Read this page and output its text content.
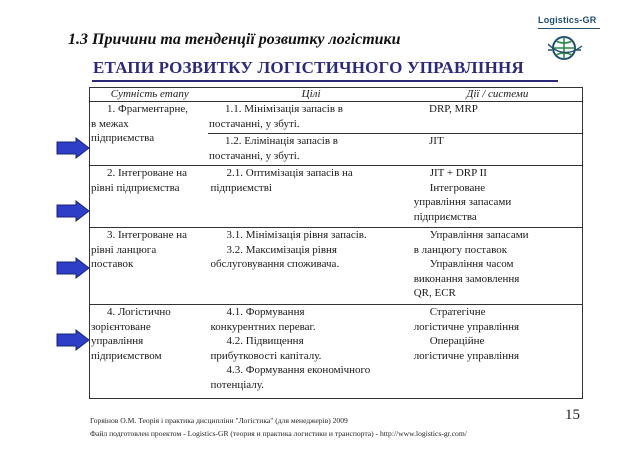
Logistics-GR
1.3 Причини та тенденції розвитку логістики
ЕТАПИ РОЗВИТКУ ЛОГІСТИЧНОГО УПРАВЛІННЯ
Сутність етапу	Цілі	Дії / системи
1. Фрагментарне,
в межах
підприємства
1.1. Мінімізація запасів в
постачанні, у збуті.
DRP, MRP
1.2. Елімінація запасів в
постачанні, у збуті.
JIT
2. Інтегроване на
рівні підприємства
2.1. Оптимізація запасів на
підприємстві
JIT + DRP II
Інтегроване
управління запасами
підприємства
3. Інтегроване на
рівні ланцюга
поставок
3.1. Мінімізація рівня запасів.
3.2. Максимізація рівня
обслуговування споживача.
Управління запасами
в ланцюгу поставок
Управління часом
виконання замовлення
QR, ECR
4. Логістично
зорієнтоване
управління
підприємством
4.1. Формування
конкурентних переваг.
4.2. Підвищення
прибутковості капіталу.
4.3. Формування економічного
потенціалу.
Стратегічне
логістичне управління
Операційне
логістичне управління
15
Горяінов О.М. Теорія і практика дисципліни "Логістика" (для менеджерів) 2009
Файл подготовлен проектом - Logistics-GR (теория и практика логистики и транспорта) - http://www.logistics-gr.com/
